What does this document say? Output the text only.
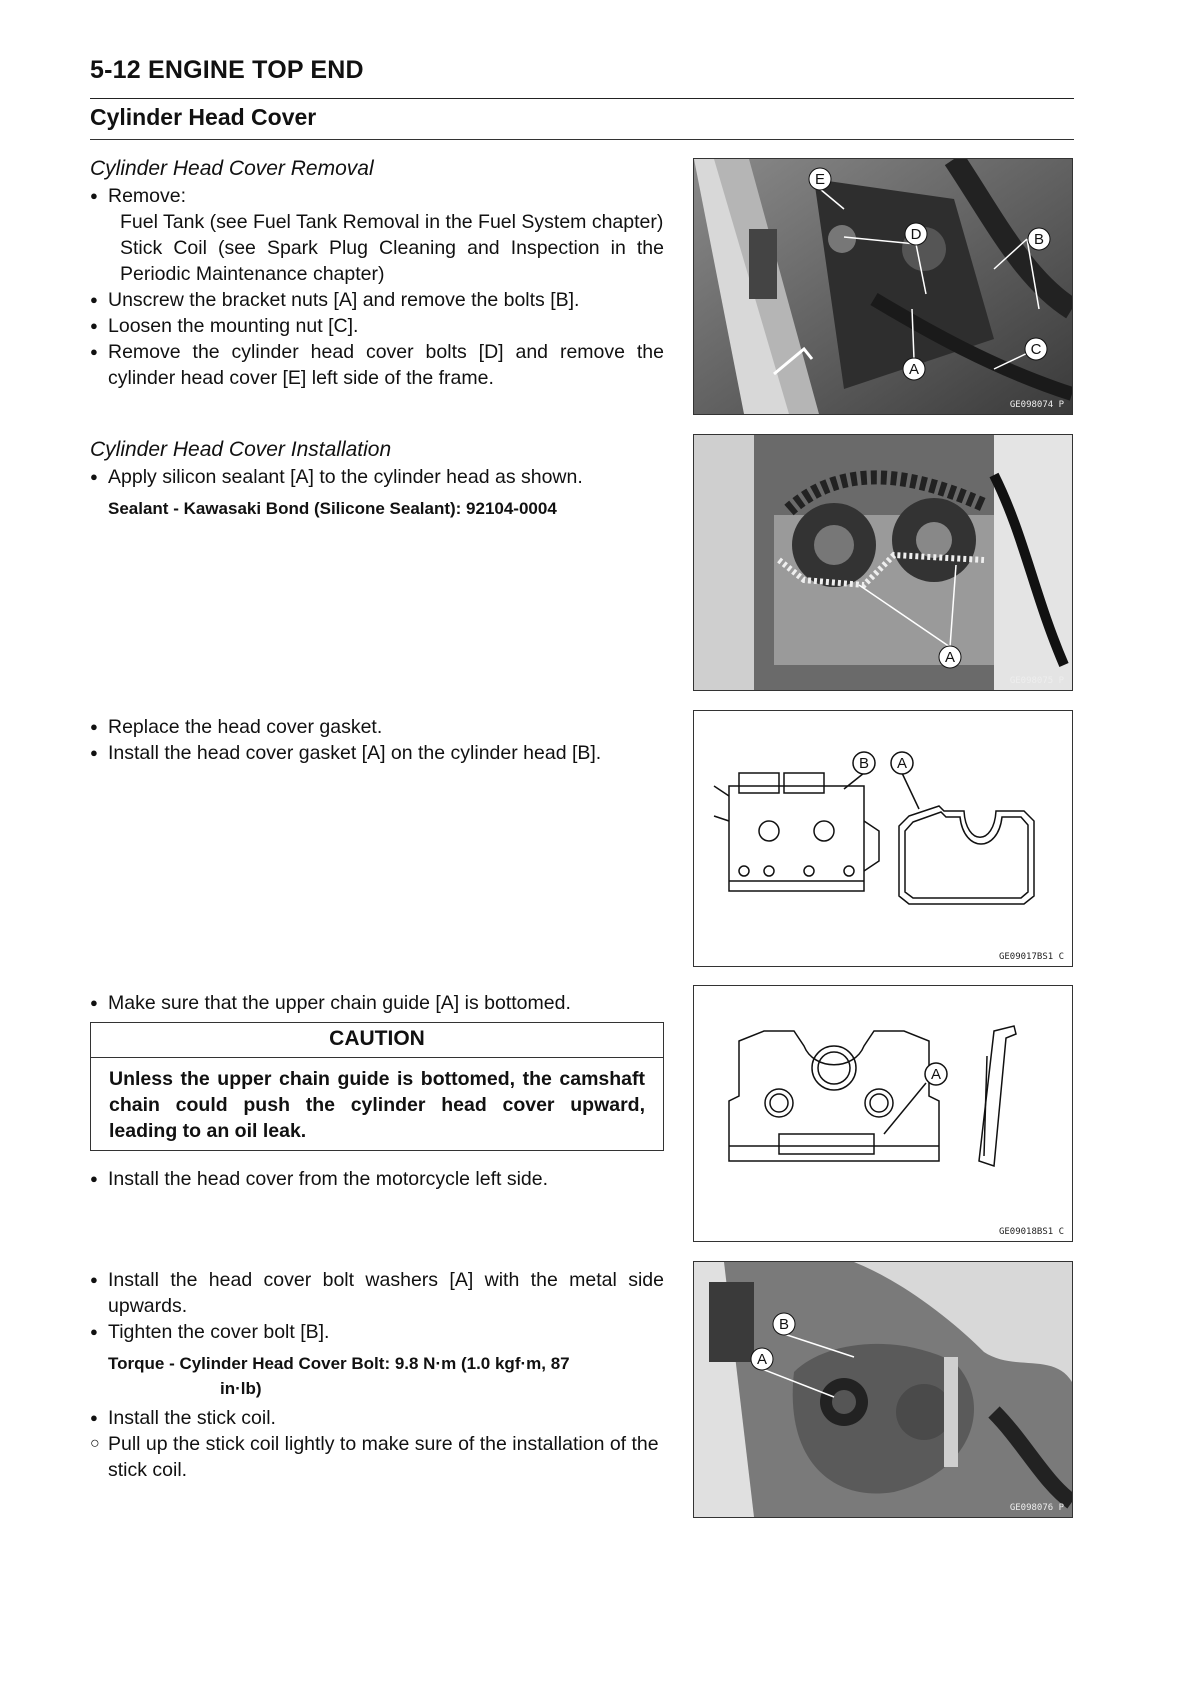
5-12 ENGINE TOP END
Cylinder Head Cover
Cylinder Head Cover Removal
● Remove:
Fuel Tank (see Fuel Tank Removal in the Fuel System chapter)
Stick Coil (see Spark Plug Cleaning and Inspection in the Periodic Maintenance chapter)
● Unscrew the bracket nuts [A] and remove the bolts [B].
● Loosen the mounting nut [C].
● Remove the cylinder head cover bolts [D] and remove the cylinder head cover [E] left side of the frame.
Cylinder Head Cover Installation
● Apply silicon sealant [A] to the cylinder head as shown.
Sealant - Kawasaki Bond (Silicone Sealant): 92104-0004
● Replace the head cover gasket.
● Install the head cover gasket [A] on the cylinder head [B].
● Make sure that the upper chain guide [A] is bottomed.
CAUTION
Unless the upper chain guide is bottomed, the camshaft chain could push the cylinder head cover upward, leading to an oil leak.
● Install the head cover from the motorcycle left side.
● Install the head cover bolt washers [A] with the metal side upwards.
● Tighten the cover bolt [B].
Torque - Cylinder Head Cover Bolt: 9.8 N·m (1.0 kgf·m, 87
in·lb)
● Install the stick coil.
○ Pull up the stick coil lightly to make sure of the installation of the stick coil.
E
D	B
A
C
GE098074 P
A
GE098075 P
B A
GE09017BS1 C
A
GE09018BS1 C
B
A
GE098076 P
